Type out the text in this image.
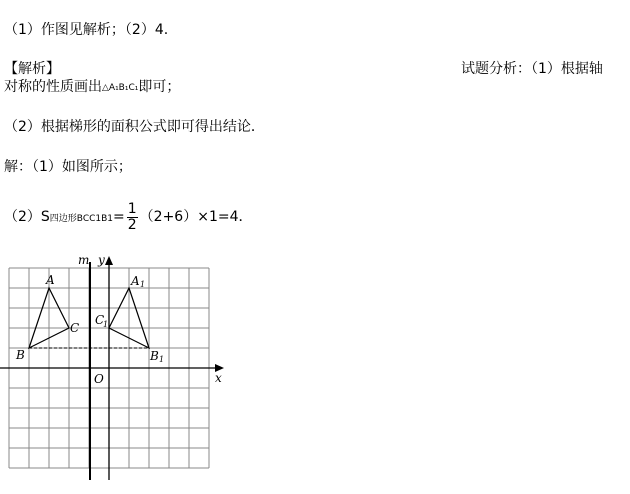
（1）作图见解析；（2）4.
【解析】	试题分析：（1）根据轴
对称的性质画出△A₁B₁C₁即可；
（2）根据梯形的面积公式即可得出结论．
解：（1）如图所示；
（2）S四边形$BCC1B1= \frac{1}{2} (2+6)\times 1=4$．
A
B
C
A 1
B 1
C
1
m y
x
O
